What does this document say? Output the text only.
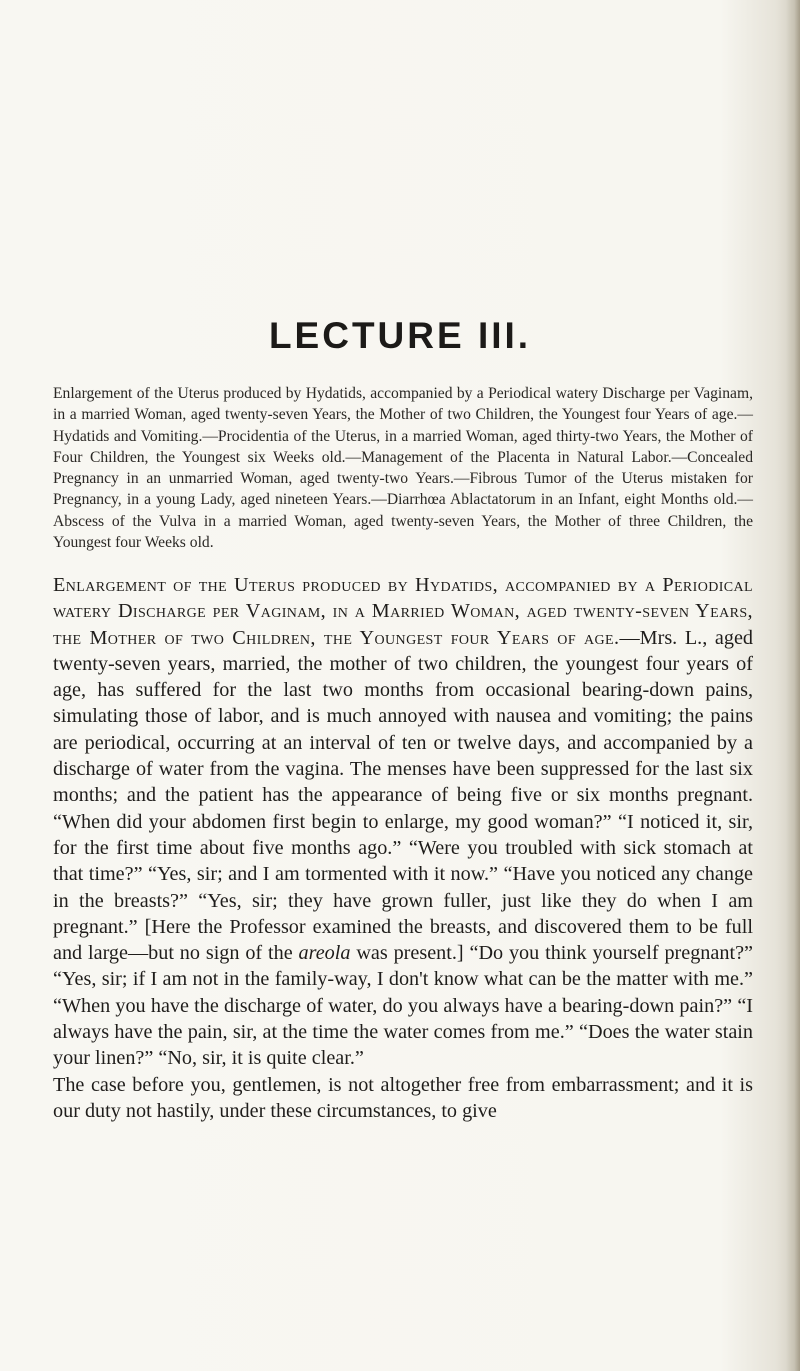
LECTURE III.
Enlargement of the Uterus produced by Hydatids, accompanied by a Periodical watery Discharge per Vaginam, in a married Woman, aged twenty-seven Years, the Mother of two Children, the Youngest four Years of age.—Hydatids and Vomiting.—Procidentia of the Uterus, in a married Woman, aged thirty-two Years, the Mother of Four Children, the Youngest six Weeks old.—Management of the Placenta in Natural Labor.—Concealed Pregnancy in an unmarried Woman, aged twenty-two Years.—Fibrous Tumor of the Uterus mistaken for Pregnancy, in a young Lady, aged nineteen Years.—Diarrhœa Ablactatorum in an Infant, eight Months old.—Abscess of the Vulva in a married Woman, aged twenty-seven Years, the Mother of three Children, the Youngest four Weeks old.

Enlargement of the Uterus produced by Hydatids, accompanied by a Periodical watery Discharge per Vaginam, in a Married Woman, aged twenty-seven Years, the Mother of two Children, the Youngest four Years of age.—Mrs. L., aged twenty-seven years, married, the mother of two children, the youngest four years of age, has suffered for the last two months from occasional bearing-down pains, simulating those of labor, and is much annoyed with nausea and vomiting; the pains are periodical, occurring at an interval of ten or twelve days, and accompanied by a discharge of water from the vagina. The menses have been suppressed for the last six months; and the patient has the appearance of being five or six months pregnant. “When did your abdomen first begin to enlarge, my good woman?” “I noticed it, sir, for the first time about five months ago.” “Were you troubled with sick stomach at that time?” “Yes, sir; and I am tormented with it now.” “Have you noticed any change in the breasts?” “Yes, sir; they have grown fuller, just like they do when I am pregnant.” [Here the Professor examined the breasts, and discovered them to be full and large—but no sign of the areola was present.] “Do you think yourself pregnant?” “Yes, sir; if I am not in the family-way, I don't know what can be the matter with me.” “When you have the discharge of water, do you always have a bearing-down pain?” “I always have the pain, sir, at the time the water comes from me.” “Does the water stain your linen?” “No, sir, it is quite clear.”

The case before you, gentlemen, is not altogether free from embarrassment; and it is our duty not hastily, under these circumstances, to give
